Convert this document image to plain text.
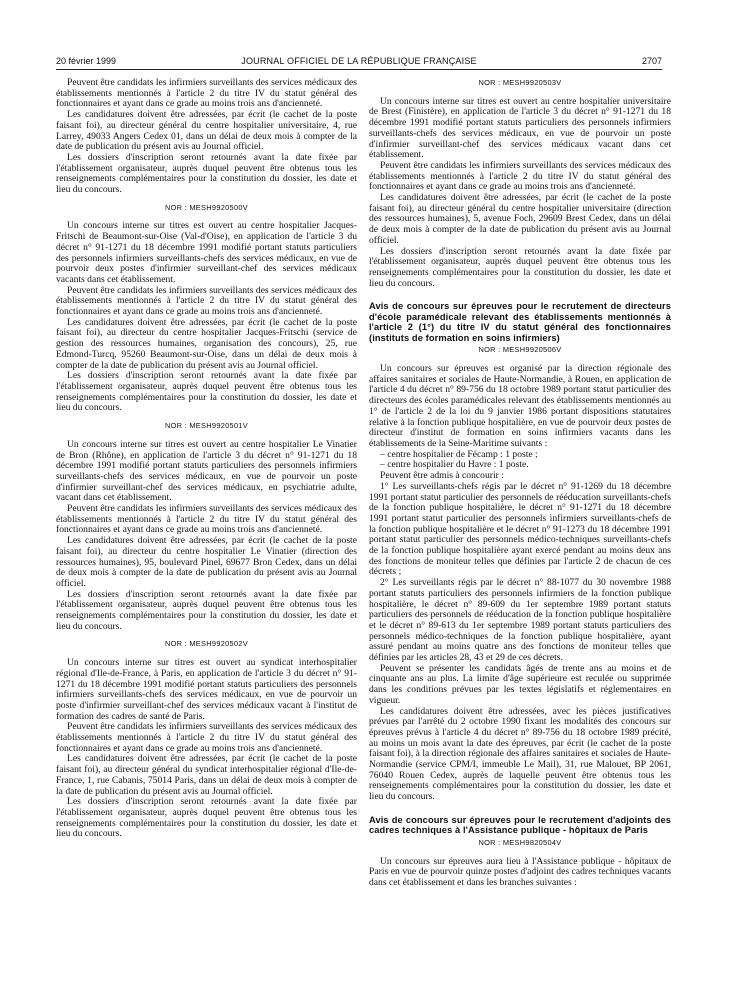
20 février 1999	JOURNAL OFFICIEL DE LA RÉPUBLIQUE FRANÇAISE	2707

Peuvent être candidats les infirmiers surveillants des services médicaux des établissements mentionnés à l'article 2 du titre IV du statut général des fonctionnaires et ayant dans ce grade au moins trois ans d'ancienneté.

Les candidatures doivent être adressées, par écrit (le cachet de la poste faisant foi), au directeur général du centre hospitalier universitaire, 4, rue Larrey, 49033 Angers Cedex 01, dans un délai de deux mois à compter de la date de publication du présent avis au Journal officiel.

Les dossiers d'inscription seront retournés avant la date fixée par l'établissement organisateur, auprès duquel peuvent être obtenus tous les renseignements complémentaires pour la constitution du dossier, les date et lieu du concours.

NOR : MESH9920500V

Un concours interne sur titres est ouvert au centre hospitalier Jacques-Fritschi de Beaumont-sur-Oise (Val-d'Oise), en application de l'article 3 du décret n° 91-1271 du 18 décembre 1991 modifié portant statuts particuliers des personnels infirmiers surveillants-chefs des services médicaux, en vue de pourvoir deux postes d'infirmier surveillant-chef des services médicaux vacants dans cet établissement.

Peuvent être candidats les infirmiers surveillants des services médicaux des établissements mentionnés à l'article 2 du titre IV du statut général des fonctionnaires et ayant dans ce grade au moins trois ans d'ancienneté.

Les candidatures doivent être adressées, par écrit (le cachet de la poste faisant foi), au directeur du centre hospitalier Jacques-Fritschi (service de gestion des ressources humaines, organisation des concours), 25, rue Edmond-Turcq, 95260 Beaumont-sur-Oise, dans un délai de deux mois à compter de la date de publication du présent avis au Journal officiel.

Les dossiers d'inscription seront retournés avant la date fixée par l'établissement organisateur, auprès duquel peuvent être obtenus tous les renseignements complémentaires pour la constitution du dossier, les date et lieu du concours.

NOR : MESH9920501V

Un concours interne sur titres est ouvert au centre hospitalier Le Vinatier de Bron (Rhône), en application de l'article 3 du décret n° 91-1271 du 18 décembre 1991 modifié portant statuts particuliers des personnels infirmiers surveillants-chefs des services médicaux, en vue de pourvoir un poste d'infirmier surveillant-chef des services médicaux, en psychiatrie adulte, vacant dans cet établissement.

Peuvent être candidats les infirmiers surveillants des services médicaux des établissements mentionnés à l'article 2 du titre IV du statut général des fonctionnaires et ayant dans ce grade au moins trois ans d'ancienneté.

Les candidatures doivent être adressées, par écrit (le cachet de la poste faisant foi), au directeur du centre hospitalier Le Vinatier (direction des ressources humaines), 95, boulevard Pinel, 69677 Bron Cedex, dans un délai de deux mois à compter de la date de publication du présent avis au Journal officiel.

Les dossiers d'inscription seront retournés avant la date fixée par l'établissement organisateur, auprès duquel peuvent être obtenus tous les renseignements complémentaires pour la constitution du dossier, les date et lieu du concours.

NOR : MESH9920502V

Un concours interne sur titres est ouvert au syndicat interhospitalier régional d'Ile-de-France, à Paris, en application de l'article 3 du décret n° 91-1271 du 18 décembre 1991 modifié portant statuts particuliers des personnels infirmiers surveillants-chefs des services médicaux, en vue de pourvoir un poste d'infirmier surveillant-chef des services médicaux vacant à l'institut de formation des cadres de santé de Paris.

Peuvent être candidats les infirmiers surveillants des services médicaux des établissements mentionnés à l'article 2 du titre IV du statut général des fonctionnaires et ayant dans ce grade au moins trois ans d'ancienneté.

Les candidatures doivent être adressées, par écrit (le cachet de la poste faisant foi), au directeur général du syndicat interhospitalier régional d'Ile-de-France, 1, rue Cabanis, 75014 Paris, dans un délai de deux mois à compter de la date de publication du présent avis au Journal officiel.

Les dossiers d'inscription seront retournés avant la date fixée par l'établissement organisateur, auprès duquel peuvent être obtenus tous les renseignements complémentaires pour la constitution du dossier, les date et lieu du concours.

NOR : MESH9920503V

Un concours interne sur titres est ouvert au centre hospitalier universitaire de Brest (Finistère), en application de l'article 3 du décret n° 91-1271 du 18 décembre 1991 modifié portant statuts particuliers des personnels infirmiers surveillants-chefs des services médicaux, en vue de pourvoir un poste d'infirmier surveillant-chef des services médicaux vacant dans cet établissement.

Peuvent être candidats les infirmiers surveillants des services médicaux des établissements mentionnés à l'article 2 du titre IV du statut général des fonctionnaires et ayant dans ce grade au moins trois ans d'ancienneté.

Les candidatures doivent être adressées, par écrit (le cachet de la poste faisant foi), au directeur général du centre hospitalier universitaire (direction des ressources humaines), 5, avenue Foch, 29609 Brest Cedex, dans un délai de deux mois à compter de la date de publication du présent avis au Journal officiel.

Les dossiers d'inscription seront retournés avant la date fixée par l'établissement organisateur, auprès duquel peuvent être obtenus tous les renseignements complémentaires pour la constitution du dossier, les date et lieu du concours.

Avis de concours sur épreuves pour le recrutement de directeurs d'école paramédicale relevant des établissements mentionnés à l'article 2 (1°) du titre IV du statut général des fonctionnaires (instituts de formation en soins infirmiers)
NOR : MESH9920506V

Un concours sur épreuves est organisé par la direction régionale des affaires sanitaires et sociales de Haute-Normandie, à Rouen, en application de l'article 4 du décret n° 89-756 du 18 octobre 1989 portant statut particulier des directeurs des écoles paramédicales relevant des établissements mentionnés au 1° de l'article 2 de la loi du 9 janvier 1986 portant dispositions statutaires relative à la fonction publique hospitalière, en vue de pourvoir deux postes de directeur d'institut de formation en soins infirmiers vacants dans les établissements de la Seine-Maritime suivants :

– centre hospitalier de Fécamp : 1 poste ;

– centre hospitalier du Havre : 1 poste.

Peuvent être admis à concourir :

1° Les surveillants-chefs régis par le décret n° 91-1269 du 18 décembre 1991 portant statut particulier des personnels de rééducation surveillants-chefs de la fonction publique hospitalière, le décret n° 91-1271 du 18 décembre 1991 portant statut particulier des personnels infirmiers surveillants-chefs de la fonction publique hospitalière et le décret n° 91-1273 du 18 décembre 1991 portant statut particulier des personnels médico-techniques surveillants-chefs de la fonction publique hospitalière ayant exercé pendant au moins deux ans des fonctions de moniteur telles que définies par l'article 2 de chacun de ces décrets ;

2° Les surveillants régis par le décret n° 88-1077 du 30 novembre 1988 portant statuts particuliers des personnels infirmiers de la fonction publique hospitalière, le décret n° 89-609 du 1er septembre 1989 portant statuts particuliers des personnels de rééducation de la fonction publique hospitalière et le décret n° 89-613 du 1er septembre 1989 portant statuts particuliers des personnels médico-techniques de la fonction publique hospitalière, ayant assuré pendant au moins quatre ans des fonctions de moniteur telles que définies par les articles 28, 43 et 29 de ces décrets.

Peuvent se présenter les candidats âgés de trente ans au moins et de cinquante ans au plus. La limite d'âge supérieure est reculée ou supprimée dans les conditions prévues par les textes législatifs et réglementaires en vigueur.

Les candidatures doivent être adressées, avec les pièces justificatives prévues par l'arrêté du 2 octobre 1990 fixant les modalités des concours sur épreuves prévus à l'article 4 du décret n° 89-756 du 18 octobre 1989 précité, au moins un mois avant la date des épreuves, par écrit (le cachet de la poste faisant foi), à la direction régionale des affaires sanitaires et sociales de Haute-Normandie (service CPM/I, immeuble Le Mail), 31, rue Malouet, BP 2061, 76040 Rouen Cedex, auprès de laquelle peuvent être obtenus tous les renseignements complémentaires pour la constitution du dossier, les date et lieu du concours.

Avis de concours sur épreuves pour le recrutement d'adjoints des cadres techniques à l'Assistance publique - hôpitaux de Paris
NOR : MESH9820504V

Un concours sur épreuves aura lieu à l'Assistance publique - hôpitaux de Paris en vue de pourvoir quinze postes d'adjoint des cadres techniques vacants dans cet établissement et dans les branches suivantes :
